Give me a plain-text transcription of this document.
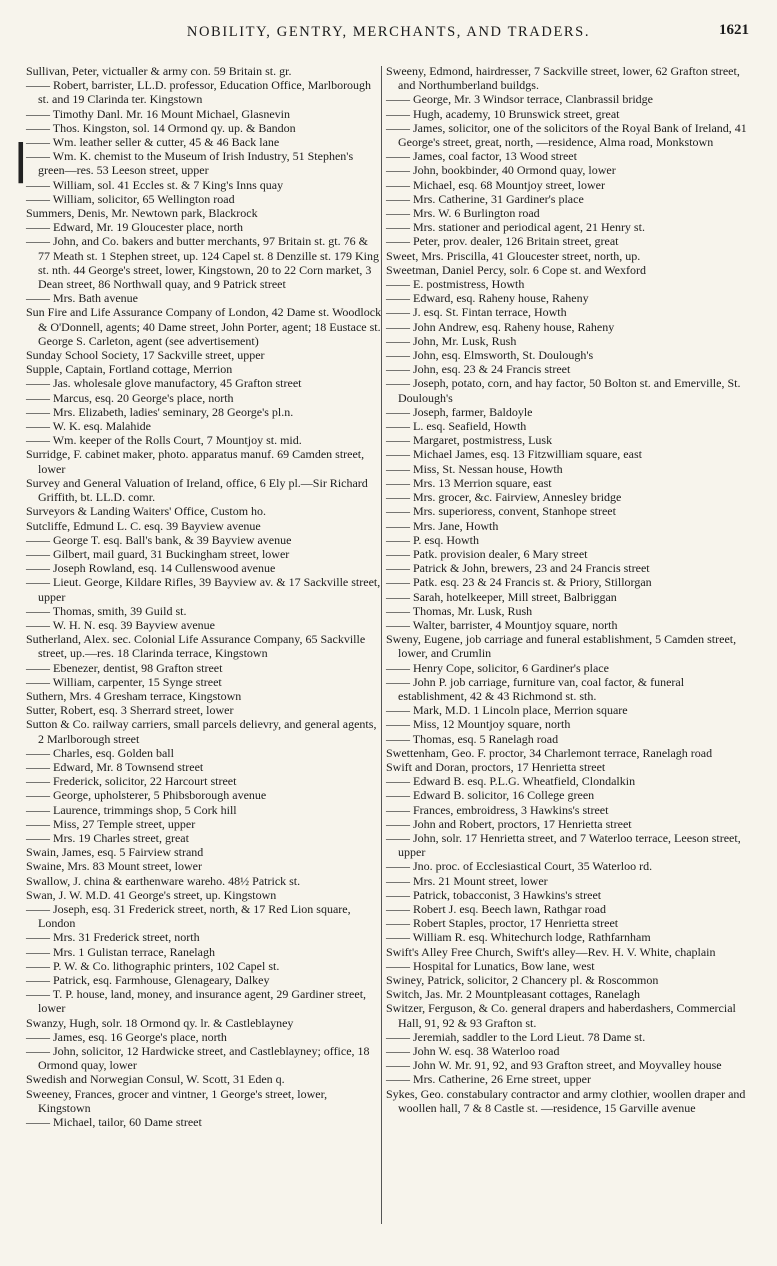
NOBILITY, GENTRY, MERCHANTS, AND TRADERS.	1621
❘
Sullivan, Peter, victualler & army con. 59 Britain st. gr.
—— Robert, barrister, LL.D. professor, Education Office, Marlborough st. and 19 Clarinda ter. Kingstown
—— Timothy Danl. Mr. 16 Mount Michael, Glasnevin
—— Thos. Kingston, sol. 14 Ormond qy. up. & Bandon
—— Wm. leather seller & cutter, 45 & 46 Back lane
—— Wm. K. chemist to the Museum of Irish Industry, 51 Stephen's green—res. 53 Leeson street, upper
—— William, sol. 41 Eccles st. & 7 King's Inns quay
—— William, solicitor, 65 Wellington road
Summers, Denis, Mr. Newtown park, Blackrock
—— Edward, Mr. 19 Gloucester place, north
—— John, and Co. bakers and butter merchants, 97 Britain st. gt. 76 & 77 Meath st. 1 Stephen street, up. 124 Capel st. 8 Denzille st. 179 King st. nth. 44 George's street, lower, Kingstown, 20 to 22 Corn market, 3 Dean street, 86 Northwall quay, and 9 Patrick street
—— Mrs. Bath avenue
Sun Fire and Life Assurance Company of London, 42 Dame st. Woodlock & O'Donnell, agents; 40 Dame street, John Porter, agent; 18 Eustace st. George S. Carleton, agent (see advertisement)
Sunday School Society, 17 Sackville street, upper
Supple, Captain, Fortland cottage, Merrion
—— Jas. wholesale glove manufactory, 45 Grafton street
—— Marcus, esq. 20 George's place, north
—— Mrs. Elizabeth, ladies' seminary, 28 George's pl.n.
—— W. K. esq. Malahide
—— Wm. keeper of the Rolls Court, 7 Mountjoy st. mid.
Surridge, F. cabinet maker, photo. apparatus manuf. 69 Camden street, lower
Survey and General Valuation of Ireland, office, 6 Ely pl.—Sir Richard Griffith, bt. LL.D. comr.
Surveyors & Landing Waiters' Office, Custom ho.
Sutcliffe, Edmund L. C. esq. 39 Bayview avenue
—— George T. esq. Ball's bank, & 39 Bayview avenue
—— Gilbert, mail guard, 31 Buckingham street, lower
—— Joseph Rowland, esq. 14 Cullenswood avenue
—— Lieut. George, Kildare Rifles, 39 Bayview av. & 17 Sackville street, upper
—— Thomas, smith, 39 Guild st.
—— W. H. N. esq. 39 Bayview avenue
Sutherland, Alex. sec. Colonial Life Assurance Company, 65 Sackville street, up.—res. 18 Clarinda terrace, Kingstown
—— Ebenezer, dentist, 98 Grafton street
—— William, carpenter, 15 Synge street
Suthern, Mrs. 4 Gresham terrace, Kingstown
Sutter, Robert, esq. 3 Sherrard street, lower
Sutton & Co. railway carriers, small parcels delievry, and general agents, 2 Marlborough street
—— Charles, esq. Golden ball
—— Edward, Mr. 8 Townsend street
—— Frederick, solicitor, 22 Harcourt street
—— George, upholsterer, 5 Phibsborough avenue
—— Laurence, trimmings shop, 5 Cork hill
—— Miss, 27 Temple street, upper
—— Mrs. 19 Charles street, great
Swain, James, esq. 5 Fairview strand
Swaine, Mrs. 83 Mount street, lower
Swallow, J. china & earthenware wareho. 48½ Patrick st.
Swan, J. W. M.D. 41 George's street, up. Kingstown
—— Joseph, esq. 31 Frederick street, north, & 17 Red Lion square, London
—— Mrs. 31 Frederick street, north
—— Mrs. 1 Gulistan terrace, Ranelagh
—— P. W. & Co. lithographic printers, 102 Capel st.
—— Patrick, esq. Farmhouse, Glenageary, Dalkey
—— T. P. house, land, money, and insurance agent, 29 Gardiner street, lower
Swanzy, Hugh, solr. 18 Ormond qy. lr. & Castleblayney
—— James, esq. 16 George's place, north
—— John, solicitor, 12 Hardwicke street, and Castleblayney; office, 18 Ormond quay, lower
Swedish and Norwegian Consul, W. Scott, 31 Eden q.
Sweeney, Frances, grocer and vintner, 1 George's street, lower, Kingstown
—— Michael, tailor, 60 Dame street
Sweeny, Edmond, hairdresser, 7 Sackville street, lower, 62 Grafton street, and Northumberland buildgs.
—— George, Mr. 3 Windsor terrace, Clanbrassil bridge
—— Hugh, academy, 10 Brunswick street, great
—— James, solicitor, one of the solicitors of the Royal Bank of Ireland, 41 George's street, great, north, —residence, Alma road, Monkstown
—— James, coal factor, 13 Wood street
—— John, bookbinder, 40 Ormond quay, lower
—— Michael, esq. 68 Mountjoy street, lower
—— Mrs. Catherine, 31 Gardiner's place
—— Mrs. W. 6 Burlington road
—— Mrs. stationer and periodical agent, 21 Henry st.
—— Peter, prov. dealer, 126 Britain street, great
Sweet, Mrs. Priscilla, 41 Gloucester street, north, up.
Sweetman, Daniel Percy, solr. 6 Cope st. and Wexford
—— E. postmistress, Howth
—— Edward, esq. Raheny house, Raheny
—— J. esq. St. Fintan terrace, Howth
—— John Andrew, esq. Raheny house, Raheny
—— John, Mr. Lusk, Rush
—— John, esq. Elmsworth, St. Doulough's
—— John, esq. 23 & 24 Francis street
—— Joseph, potato, corn, and hay factor, 50 Bolton st. and Emerville, St. Doulough's
—— Joseph, farmer, Baldoyle
—— L. esq. Seafield, Howth
—— Margaret, postmistress, Lusk
—— Michael James, esq. 13 Fitzwilliam square, east
—— Miss, St. Nessan house, Howth
—— Mrs. 13 Merrion square, east
—— Mrs. grocer, &c. Fairview, Annesley bridge
—— Mrs. superioress, convent, Stanhope street
—— Mrs. Jane, Howth
—— P. esq. Howth
—— Patk. provision dealer, 6 Mary street
—— Patrick & John, brewers, 23 and 24 Francis street
—— Patk. esq. 23 & 24 Francis st. & Priory, Stillorgan
—— Sarah, hotelkeeper, Mill street, Balbriggan
—— Thomas, Mr. Lusk, Rush
—— Walter, barrister, 4 Mountjoy square, north
Sweny, Eugene, job carriage and funeral establishment, 5 Camden street, lower, and Crumlin
—— Henry Cope, solicitor, 6 Gardiner's place
—— John P. job carriage, furniture van, coal factor, & funeral establishment, 42 & 43 Richmond st. sth.
—— Mark, M.D. 1 Lincoln place, Merrion square
—— Miss, 12 Mountjoy square, north
—— Thomas, esq. 5 Ranelagh road
Swettenham, Geo. F. proctor, 34 Charlemont terrace, Ranelagh road
Swift and Doran, proctors, 17 Henrietta street
—— Edward B. esq. P.L.G. Wheatfield, Clondalkin
—— Edward B. solicitor, 16 College green
—— Frances, embroidress, 3 Hawkins's street
—— John and Robert, proctors, 17 Henrietta street
—— John, solr. 17 Henrietta street, and 7 Waterloo terrace, Leeson street, upper
—— Jno. proc. of Ecclesiastical Court, 35 Waterloo rd.
—— Mrs. 21 Mount street, lower
—— Patrick, tobacconist, 3 Hawkins's street
—— Robert J. esq. Beech lawn, Rathgar road
—— Robert Staples, proctor, 17 Henrietta street
—— William R. esq. Whitechurch lodge, Rathfarnham
Swift's Alley Free Church, Swift's alley—Rev. H. V. White, chaplain
—— Hospital for Lunatics, Bow lane, west
Swiney, Patrick, solicitor, 2 Chancery pl. & Roscommon
Switch, Jas. Mr. 2 Mountpleasant cottages, Ranelagh
Switzer, Ferguson, & Co. general drapers and haberdashers, Commercial Hall, 91, 92 & 93 Grafton st.
—— Jeremiah, saddler to the Lord Lieut. 78 Dame st.
—— John W. esq. 38 Waterloo road
—— John W. Mr. 91, 92, and 93 Grafton street, and Moyvalley house
—— Mrs. Catherine, 26 Erne street, upper
Sykes, Geo. constabulary contractor and army clothier, woollen draper and woollen hall, 7 & 8 Castle st. —residence, 15 Garville avenue
